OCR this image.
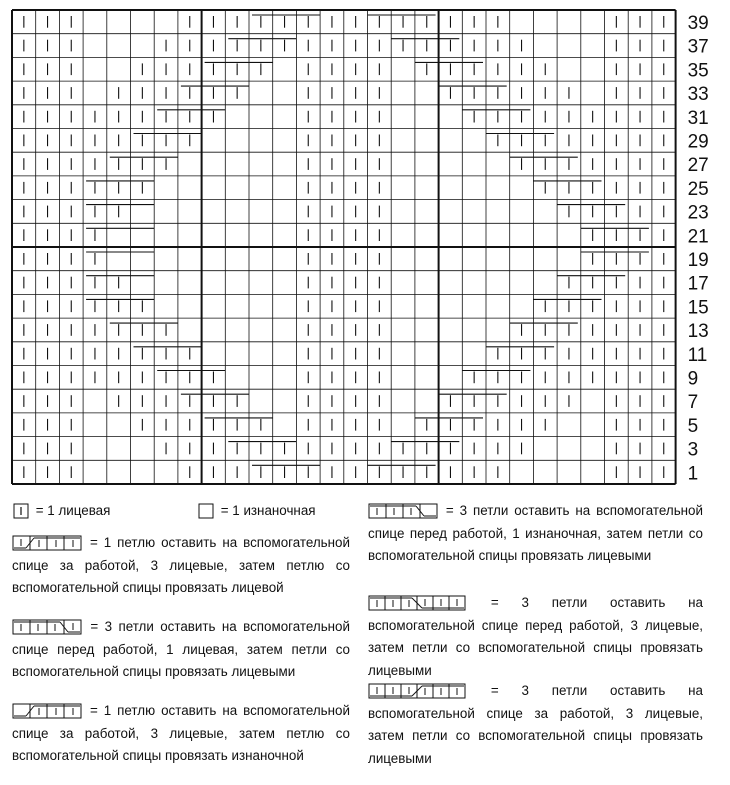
39
37
35
33
31
29
27
25
23
21
19
17
15
13
11
9
7
5
3
1
= 1 лицевая	= 1 изнаночная
= 1 петлю оставить на вспомогательной спице за работой, 3 лицевые, затем петлю со вспомогательной спицы провязать лицевой
= 3 петли оставить на вспомогательной спице перед работой, 1 лицевая, затем петли со вспомогательной спицы провязать лицевыми
= 1 петлю оставить на вспомогательной спице за работой, 3 лицевые, затем петлю со вспомогательной спицы провязать изнаночной
= 3 петли оставить на вспомогательной спице перед работой, 1 изнаночная, затем петли со вспомогательной спицы провязать лицевыми
= 3 петли оставить на вспомогательной спице перед работой, 3 лицевые, затем петли со вспомогательной спицы провязать лицевыми
= 3 петли оставить на вспомогательной спице за работой, 3 лицевые, затем петли со вспомогательной спицы провязать лицевыми
